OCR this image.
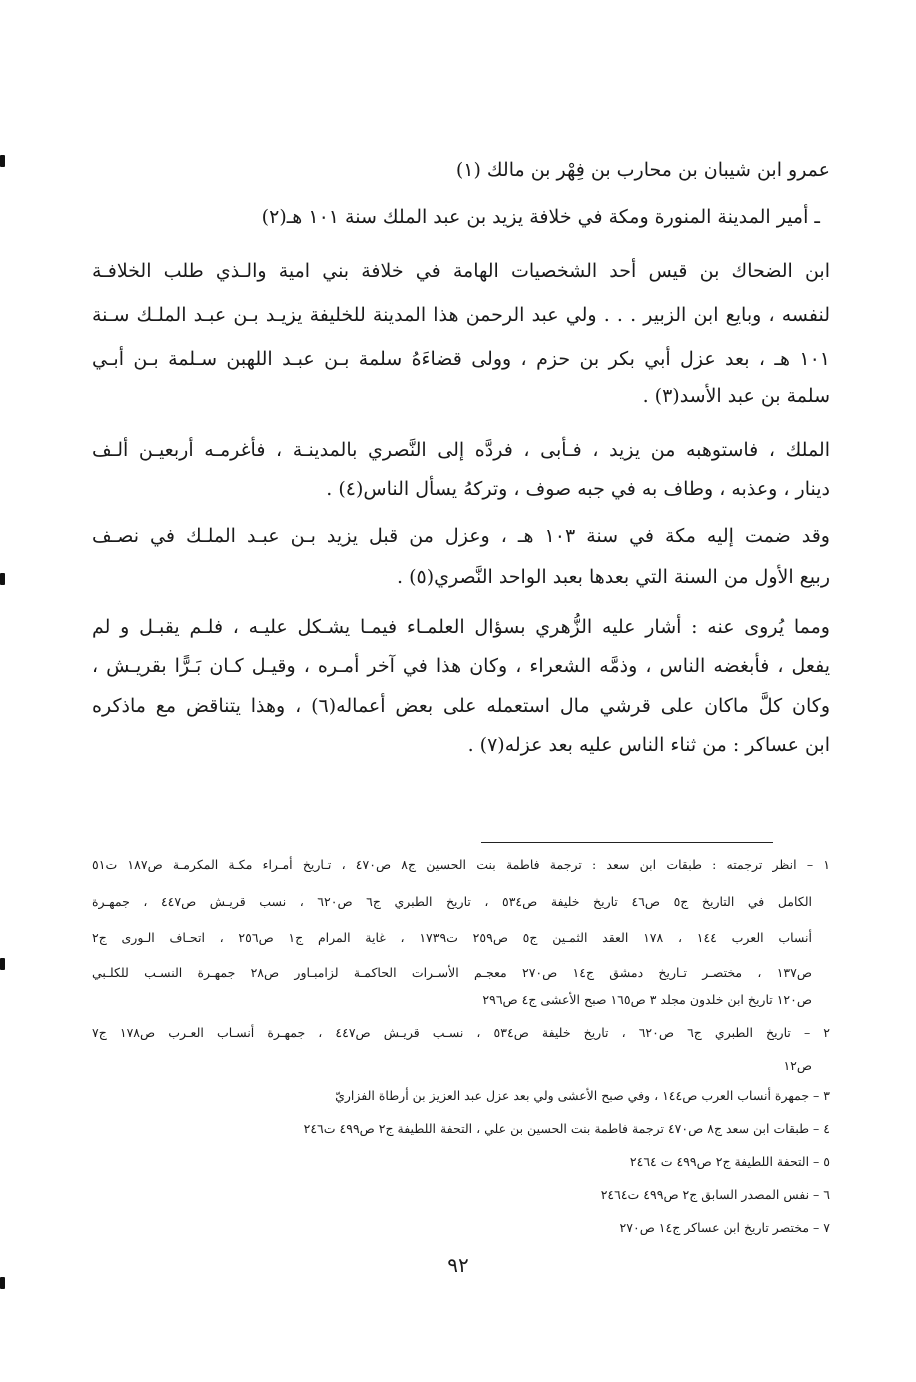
عمرو ابن شيبان بن محارب بن فِهْر بن مالك (١)
ـ أمير المدينة المنورة ومكة في خلافة يزيد بن عبد الملك سنة ١٠١ هـ(٢)
ابن الضحاك بن قيس أحد الشخصيات الهامة في خلافة بني امية والـذي طلب الخلافـة
لنفسه ، وبايع ابن الزبير . . . ولي عبد الرحمن هذا المدينة للخليفة يزيـد بـن عبـد الملـك سـنة
١٠١ هـ ، بعد عزل أبي بكر بن حزم ، وولى قضاءَهُ سلمة بـن عبـد اللهبن سـلمة بـن أبـي
سلمة بن عبد الأسد(٣) .
الملك ، فاستوهبه من يزيد ، فـأبى ، فردَّه إلى النَّصري بالمدينـة ، فأغرمـه أربعيـن ألـف
دينار ، وعذبه ، وطاف به في جبه صوف ، وتركهُ يسأل الناس(٤) .
وقد ضمت إليه مكة في سنة ١٠٣ هـ ، وعزل من قبل يزيد بـن عبـد الملـك في نصـف
ربيع الأول من السنة التي بعدها بعبد الواحد النَّصري(٥) .
ومما يُروى عنه : أشار عليه الزُّهري بسؤال العلمـاء فيمـا يشـكل عليـه ، فلـم يقبـل و لم
يفعل ، فأبغضه الناس ، وذمَّه الشعراء ، وكان هذا في آخر أمـره ، وقيـل كـان بَـرًّا بقريـش ،
وكان كلَّ ماكان على قرشي مال استعمله على بعض أعماله(٦) ، وهذا يتناقض مع ماذكره
ابن عساكر : من ثناء الناس عليه بعد عزله(٧) .
١ – انظر ترجمته : طبقات ابن سعد : ترجمة فاطمة بنت الحسين ج٨ ص٤٧٠ ، تـاريخ أمـراء مكـة المكرمـة ص١٨٧ ت٥١
الكامل في التاريخ ج٥ ص٤٦ تاريخ خليفة ص٥٣٤ ، تاريخ الطبري ج٦ ص٦٢٠ ، نسب قريـش ص٤٤٧ ، جمهـرة
أنساب العرب ١٤٤ ، ١٧٨ العقد الثمـين ج٥ ص٢٥٩ ت١٧٣٩ ، غاية المرام ج١ ص٢٥٦ ، اتحـاف الـورى ج٢
ص١٣٧ ، مختصـر تـاريخ دمشق ج١٤ ص٢٧٠ معجـم الأسـرات الحاكمـة لزامبـاور ص٢٨ جمهـرة النسـب للكلـبي
ص١٢٠ تاريخ ابن خلدون مجلد ٣ ص١٦٥ صبح الأعشى ج٤ ص٢٩٦
٢ – تاريخ الطبري ج٦ ص٦٢٠ ، تاريخ خليفة ص٥٣٤ ، نسـب قريـش ص٤٤٧ ، جمهـرة أنسـاب العـرب ص١٧٨ ج٧
ص١٢
٣ – جمهرة أنساب العرب ص١٤٤ ، وفي صبح الأعشى ولي بعد عزل عبد العزيز بن أرطاة الفزاريّ
٤ – طبقات ابن سعد ج٨ ص٤٧٠ ترجمة فاطمة بنت الحسين بن علي ، التحفة اللطيفة ج٢ ص٤٩٩ ت٢٤٦
٥ – التحفة اللطيفة ج٢ ص٤٩٩ ت ٢٤٦٤
٦ – نفس المصدر السابق ج٢ ص٤٩٩ ت٢٤٦٤
٧ – مختصر تاريخ ابن عساكر ج١٤ ص٢٧٠
٩٢
